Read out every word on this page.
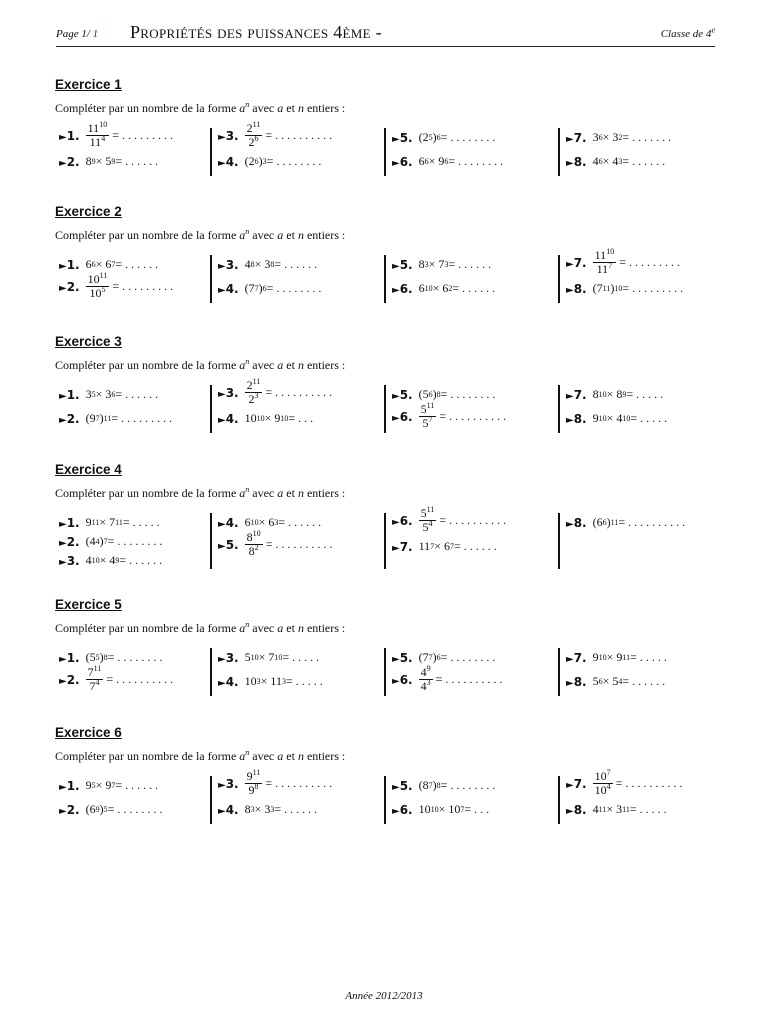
Page 1/ 1 Propriétés des puissances 4ème -	Classe de 4e
Exercice 1
Compléter par un nombre de la forme $a^n$ avec a et n entiers :
►1. $\frac{11^{10}}{11^4}$ = . . . . . . . . .
►2. 8 9 × 5 9 = . . . . . .
►3. $\frac{2^{11}}{2^6}$ = . . . . . . . . . .
►4. (2 6 ) 3 = . . . . . . . .
►5. (2 5 ) 6 = . . . . . . . .
►6. 6 6 × 9 6 = . . . . . . . .
►7. 3 6 × 3 2 = . . . . . . .
►8. 4 6 × 4 3 = . . . . . .
Exercice 2
Compléter par un nombre de la forme $a^n$ avec a et n entiers :
►1. 6 6 × 6 7 = . . . . . .
►2. $\frac{10^{11}}{10^5}$ = . . . . . . . . .
►3. 4 8 × 3 8 = . . . . . .
►4. (7 7 ) 6 = . . . . . . . .
►5. 8 3 × 7 3 = . . . . . .
►6. 6 10 × 6 2 = . . . . . .
►7. $\frac{11^{10}}{11^7}$ = . . . . . . . . .
►8. (7 11 ) 10 = . . . . . . . . .
Exercice 3
Compléter par un nombre de la forme $a^n$ avec a et n entiers :
►1. 3 5 × 3 6 = . . . . . .
►2. (9 7 ) 11 = . . . . . . . . .
►3. $\frac{2^{11}}{2^3}$ = . . . . . . . . . .
►4. 10 10 × 9 10 = . . .
►5. (5 6 ) 8 = . . . . . . . .
►6. $\frac{5^{11}}{5^7}$ = . . . . . . . . . .
►7. 8 10 × 8 9 = . . . . .
►8. 9 10 × 4 10 = . . . . .
Exercice 4
Compléter par un nombre de la forme $a^n$ avec a et n entiers :
►1. 9 11 × 7 11 = . . . . .
►2. (4 4 ) 7 = . . . . . . . .
►3. 4 10 × 4 9 = . . . . . .
►4. 6 10 × 6 3 = . . . . . .
►5. $\frac{8^{10}}{8^2}$ = . . . . . . . . . .
►6. $\frac{5^{11}}{5^4}$ = . . . . . . . . . .
►7. 11 7 × 6 7 = . . . . . .
►8. (6 6 ) 11 = . . . . . . . . . .
Exercice 5
Compléter par un nombre de la forme $a^n$ avec a et n entiers :
►1. (5 5 ) 8 = . . . . . . . .
►2. $\frac{7^{11}}{7^4}$ = . . . . . . . . . .
►3. 5 10 × 7 10 = . . . . .
►4. 10 3 × 11 3 = . . . . .
►5. (7 7 ) 6 = . . . . . . . .
►6. $\frac{4^9}{4^3}$ = . . . . . . . . . .
►7. 9 10 × 9 11 = . . . . .
►8. 5 6 × 5 4 = . . . . . .
Exercice 6
Compléter par un nombre de la forme $a^n$ avec a et n entiers :
►1. 9 5 × 9 7 = . . . . . .
►2. (6 9 ) 5 = . . . . . . . .
►3. $\frac{9^{11}}{9^8}$ = . . . . . . . . . .
►4. 8 3 × 3 3 = . . . . . .
►5. (8 7 ) 8 = . . . . . . . .
►6. 10 10 × 10 7 = . . .
►7. $\frac{10^7}{10^4}$ = . . . . . . . . . .
►8. 4 11 × 3 11 = . . . . .
Année 2012/2013
